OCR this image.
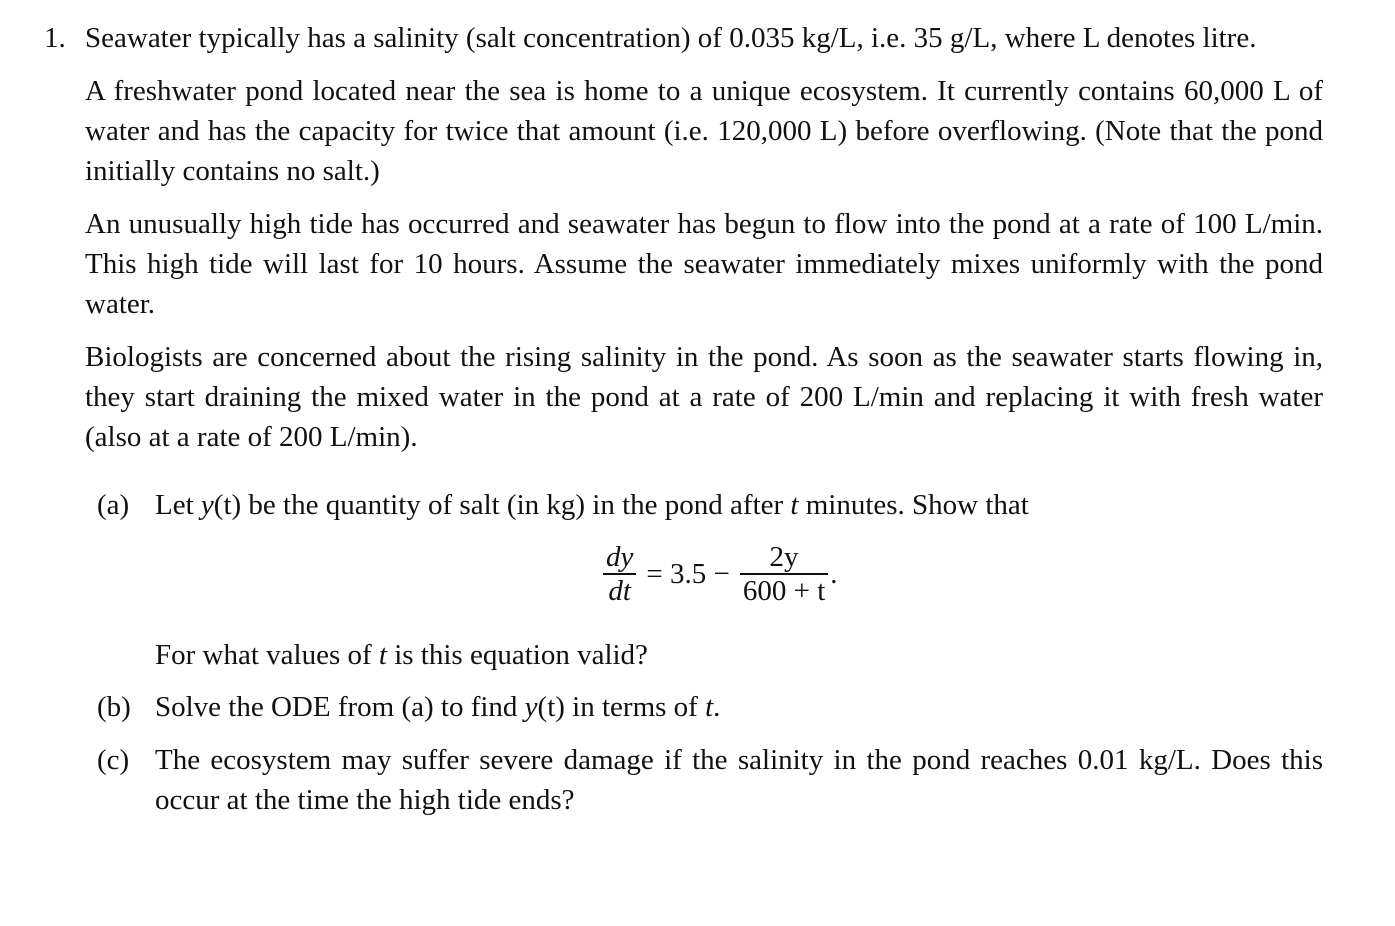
1. Seawater typically has a salinity (salt concentration) of 0.035 kg/L, i.e. 35 g/L, where L denotes litre.

A freshwater pond located near the sea is home to a unique ecosystem. It currently contains 60,000 L of water and has the capacity for twice that amount (i.e. 120,000 L) before overflowing. (Note that the pond initially contains no salt.)

An unusually high tide has occurred and seawater has begun to flow into the pond at a rate of 100 L/min. This high tide will last for 10 hours. Assume the seawater immediately mixes uniformly with the pond water.

Biologists are concerned about the rising salinity in the pond. As soon as the seawater starts flowing in, they start draining the mixed water in the pond at a rate of 200 L/min and replacing it with fresh water (also at a rate of 200 L/min).

(a) Let y(t) be the quantity of salt (in kg) in the pond after t minutes. Show that
$\frac{dy}{dt} = 3.5 - \frac{2y}{600 + t}$ .
For what values of t is this equation valid?
(b) Solve the ODE from (a) to find y(t) in terms of t.
(c) The ecosystem may suffer severe damage if the salinity in the pond reaches 0.01 kg/L. Does this occur at the time the high tide ends?
